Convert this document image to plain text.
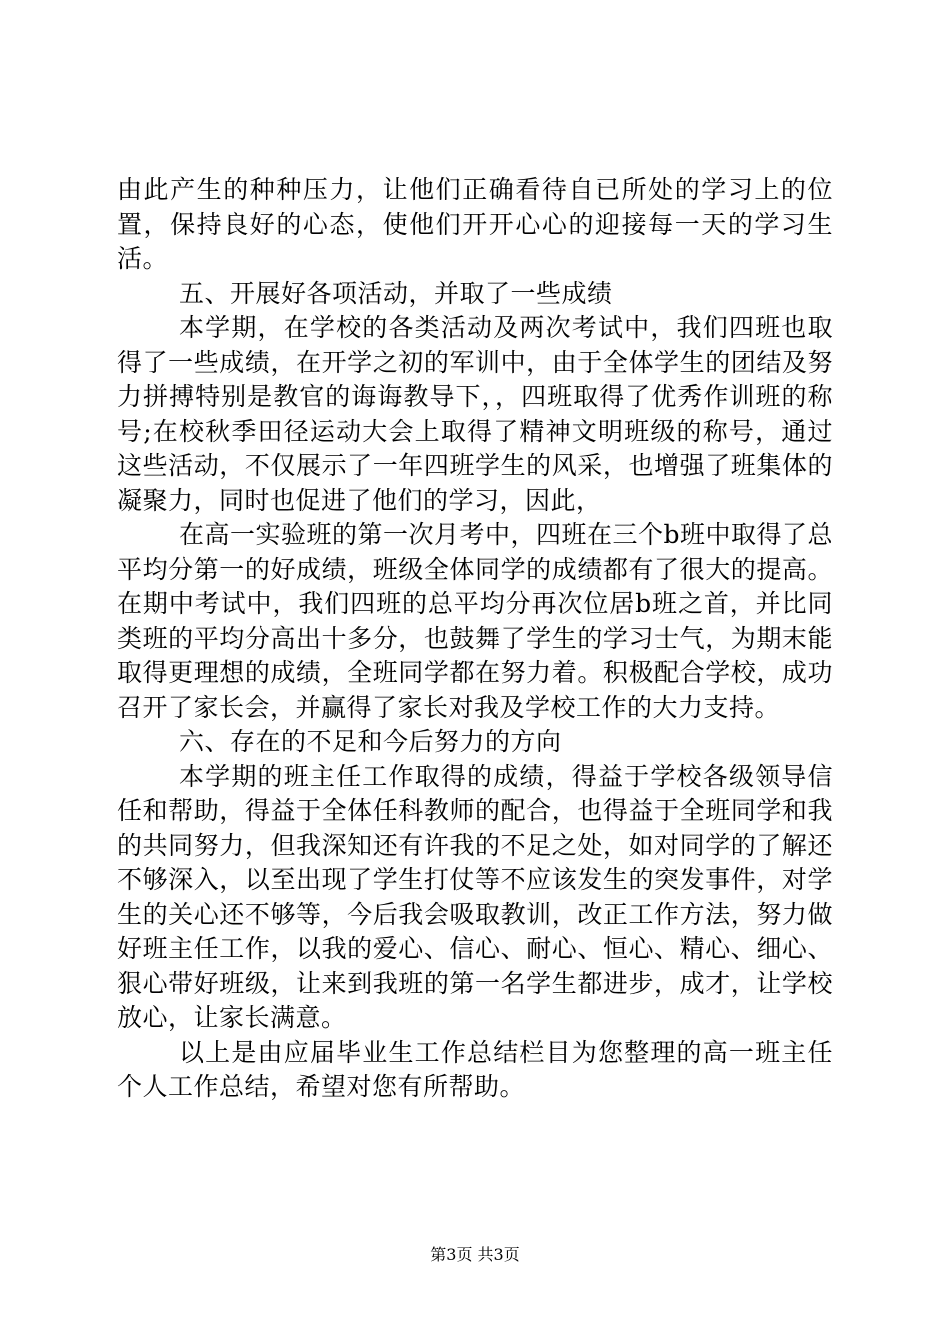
由此产生的种种压力，让他们正确看待自已所处的学习上的位置，保持良好的心态，使他们开开心心的迎接每一天的学习生活。

五、开展好各项活动，并取了一些成绩

本学期，在学校的各类活动及两次考试中，我们四班也取得了一些成绩，在开学之初的军训中，由于全体学生的团结及努力拼搏特别是教官的诲诲教导下，，四班取得了优秀作训班的称号;在校秋季田径运动大会上取得了精神文明班级的称号，通过这些活动，不仅展示了一年四班学生的风采，也增强了班集体的凝聚力，同时也促进了他们的学习，因此，

在高一实验班的第一次月考中，四班在三个b班中取得了总平均分第一的好成绩，班级全体同学的成绩都有了很大的提高。在期中考试中，我们四班的总平均分再次位居b班之首，并比同类班的平均分高出十多分，也鼓舞了学生的学习士气，为期末能取得更理想的成绩，全班同学都在努力着。积极配合学校，成功召开了家长会，并赢得了家长对我及学校工作的大力支持。

六、存在的不足和今后努力的方向

本学期的班主任工作取得的成绩，得益于学校各级领导信任和帮助，得益于全体任科教师的配合，也得益于全班同学和我的共同努力，但我深知还有许我的不足之处，如对同学的了解还不够深入，以至出现了学生打仗等不应该发生的突发事件，对学生的关心还不够等，今后我会吸取教训，改正工作方法，努力做好班主任工作，以我的爱心、信心、耐心、恒心、精心、细心、狠心带好班级，让来到我班的第一名学生都进步，成才，让学校放心，让家长满意。

以上是由应届毕业生工作总结栏目为您整理的高一班主任个人工作总结，希望对您有所帮助。

第3页 共3页
